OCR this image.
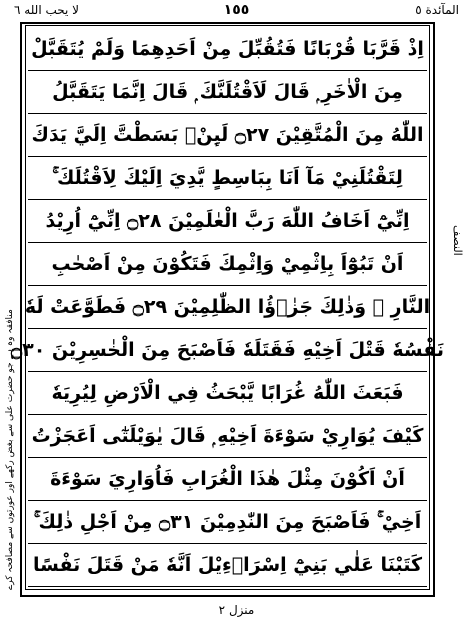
لا يحب الله ٦	١٥٥	المآئدة ٥
اِذْ قَرَّبَا قُرْبَانًا فَتُقُبِّلَ مِنْ اَحَدِهِمَا وَلَمْ يُتَقَبَّلْ
مِنَ الْاٰخَرِ ۭ قَالَ لَاَقْتُلَنَّكَ ۭ قَالَ اِنَّمَا يَتَقَبَّلُ
اللّٰهُ مِنَ الْمُتَّقِيْنَ ۝٢٧ لَىِٕنْۢ بَسَطْتَّ اِلَيَّ يَدَكَ
لِتَقْتُلَنِيْ مَآ اَنَا بِبَاسِطٍ يَّدِيَ اِلَيْكَ لِاَقْتُلَكَ ۚ
اِنِّيْٓ اَخَافُ اللّٰهَ رَبَّ الْعٰلَمِيْنَ ۝٢٨ اِنِّيْٓ اُرِيْدُ
اَنْ تَبُوْٓاَ بِاِثْمِيْ وَاِثْمِكَ فَتَكُوْنَ مِنْ اَصْحٰبِ
النَّارِ ۚ وَذٰلِكَ جَزٰۗؤُا الظّٰلِمِيْنَ ۝٢٩ فَطَوَّعَتْ لَهٗ
نَفْسُهٗ قَتْلَ اَخِيْهِ فَقَتَلَهٗ فَاَصْبَحَ مِنَ الْخٰسِرِيْنَ ۝٣٠
فَبَعَثَ اللّٰهُ غُرَابًا يَّبْحَثُ فِي الْاَرْضِ لِيُرِيَهٗ
كَيْفَ يُوَارِيْ سَوْءَةَ اَخِيْهِ ۭ قَالَ يٰوَيْلَتٰٓى اَعَجَزْتُ
اَنْ اَكُوْنَ مِثْلَ هٰذَا الْغُرَابِ فَاُوَارِيَ سَوْءَةَ
اَخِيْ ۚ فَاَصْبَحَ مِنَ النّٰدِمِيْنَ ۝٣١ مِنْ اَجْلِ ذٰلِكَ ۚ
كَتَبْنَا عَلٰي بَنِيْٓ اِسْرَاۗءِيْلَ اَنَّهٗ مَنْ قَتَلَ نَفْسًا
النصف
منافقہ وہ ہے جو حضرت علی سے بغض رکھے اور عورتوں سے مصافحہ کرے
منزل ٢
